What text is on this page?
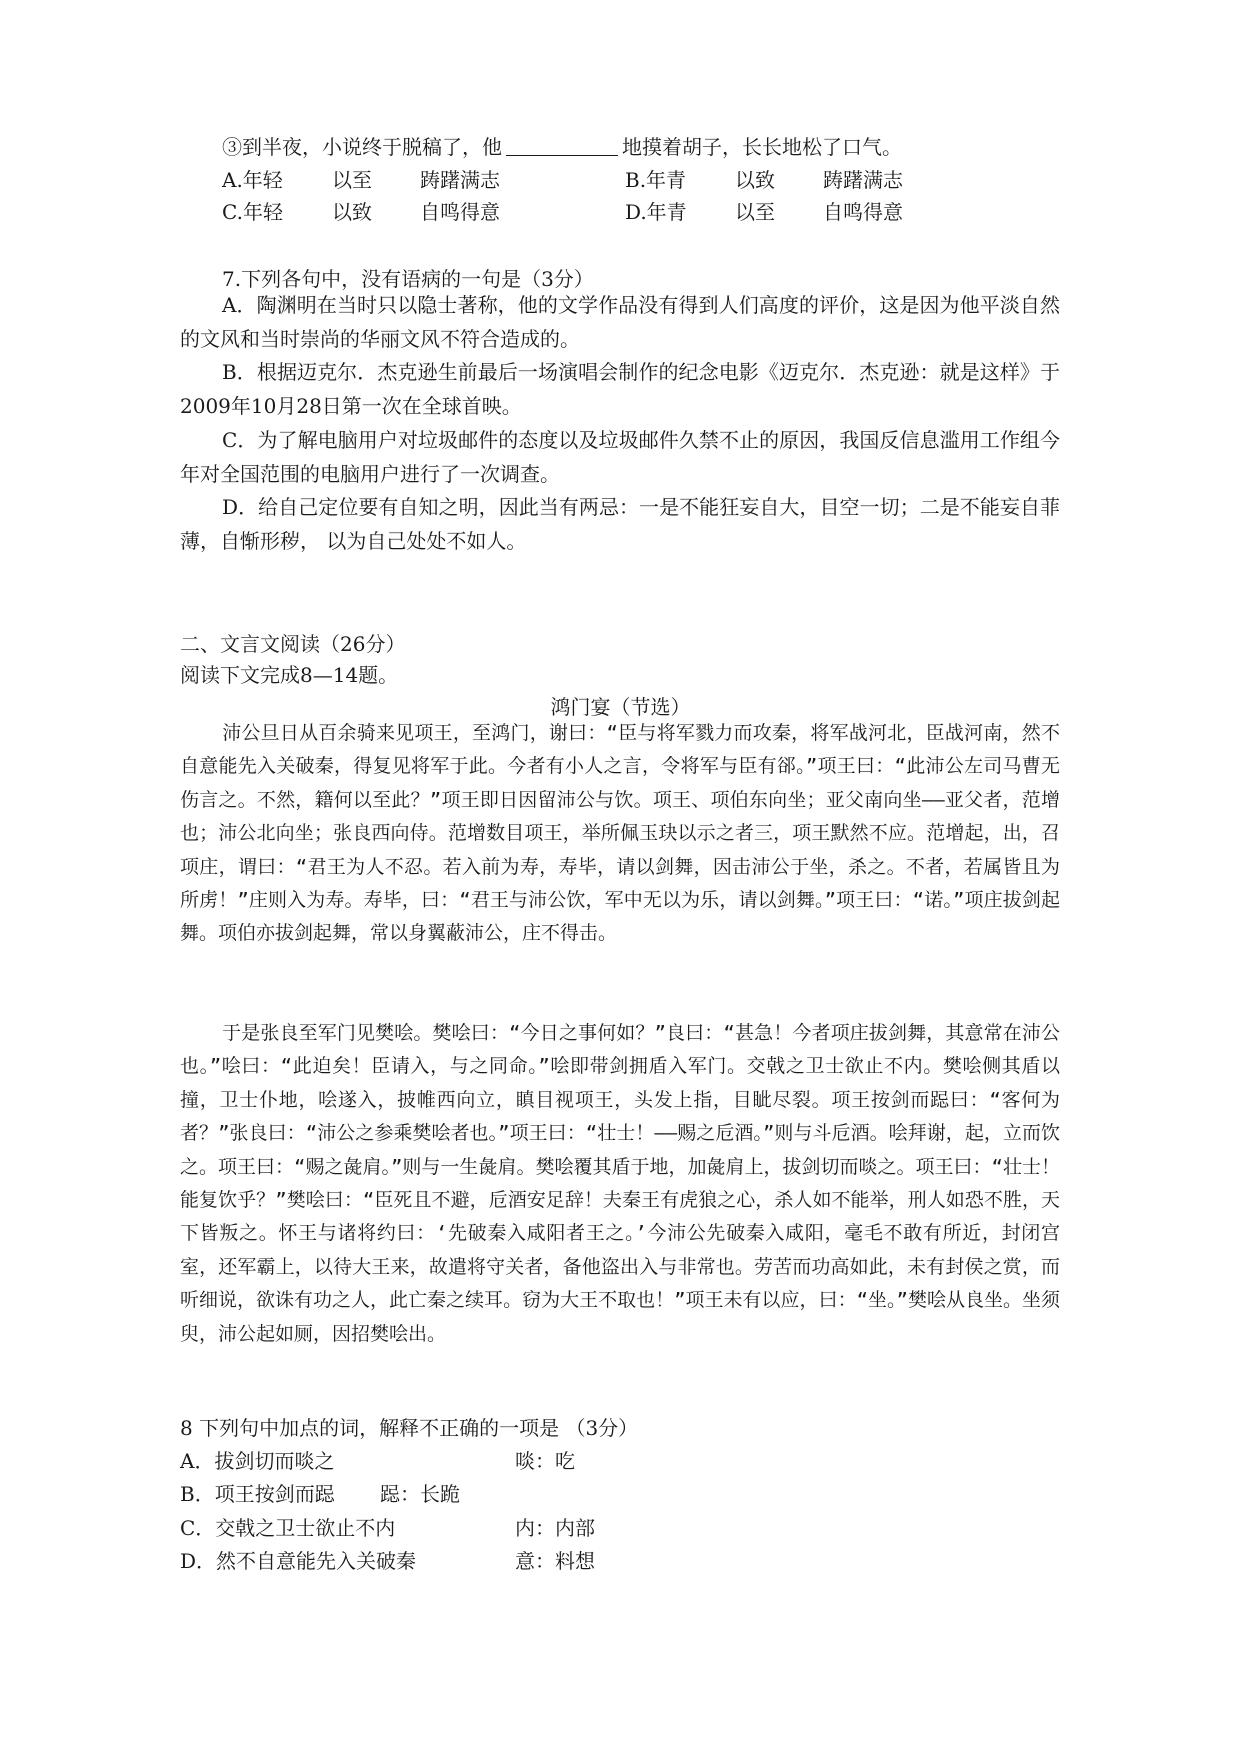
③到半夜，小说终于脱稿了，他	地摸着胡子，长长地松了口气。
A.年轻 以至 踌躇满志	B.年青 以致 踌躇满志
C.年轻 以致 自鸣得意	D.年青 以至 自鸣得意
7.下列各句中，没有语病的一句是（3分）
A．陶渊明在当时只以隐士著称，他的文学作品没有得到人们高度的评价，这是因为他平淡自然的文风和当时崇尚的华丽文风不符合造成的。
B．根据迈克尔．杰克逊生前最后一场演唱会制作的纪念电影《迈克尔．杰克逊：就是这样》于2009年10月28日第一次在全球首映。
C．为了解电脑用户对垃圾邮件的态度以及垃圾邮件久禁不止的原因，我国反信息滥用工作组今年对全国范围的电脑用户进行了一次调查。
D．给自己定位要有自知之明，因此当有两忌：一是不能狂妄自大，目空一切；二是不能妄自菲薄，自惭形秽， 以为自己处处不如人。
二、文言文阅读（26分）
阅读下文完成8—14题。
鸿门宴（节选）
沛公旦日从百余骑来见项王，至鸿门，谢曰：“臣与将军戮力而攻秦，将军战河北，臣战河南，然不自意能先入关破秦，得复见将军于此。今者有小人之言，令将军与臣有郤。”项王曰：“此沛公左司马曹无伤言之。不然，籍何以至此？”项王即日因留沛公与饮。项王、项伯东向坐；亚父南向坐——亚父者，范增也；沛公北向坐；张良西向侍。范增数目项王，举所佩玉玦以示之者三，项王默然不应。范增起，出，召项庄，谓曰：“君王为人不忍。若入前为寿，寿毕，请以剑舞，因击沛公于坐，杀之。不者，若属皆且为所虏！”庄则入为寿。寿毕，曰：“君王与沛公饮，军中无以为乐，请以剑舞。”项王曰：“诺。”项庄拔剑起舞。项伯亦拔剑起舞，常以身翼蔽沛公，庄不得击。
于是张良至军门见樊哙。樊哙曰：“今日之事何如？”良曰：“甚急！今者项庄拔剑舞，其意常在沛公也。”哙曰：“此迫矣！臣请入，与之同命。”哙即带剑拥盾入军门。交戟之卫士欲止不内。樊哙侧其盾以撞，卫士仆地，哙遂入，披帷西向立，瞋目视项王，头发上指，目眦尽裂。项王按剑而跽曰：“客何为者？”张良曰：“沛公之参乘樊哙者也。”项王曰：“壮士！——赐之卮酒。”则与斗卮酒。哙拜谢，起，立而饮之。项王曰：“赐之彘肩。”则与一生彘肩。樊哙覆其盾于地，加彘肩上，拔剑切而啖之。项王曰：“壮士！能复饮乎？”樊哙曰：“臣死且不避，卮酒安足辞！夫秦王有虎狼之心，杀人如不能举，刑人如恐不胜，天下皆叛之。怀王与诸将约曰：‘先破秦入咸阳者王之。’今沛公先破秦入咸阳，毫毛不敢有所近，封闭宫室，还军霸上，以待大王来，故遣将守关者，备他盗出入与非常也。劳苦而功高如此，未有封侯之赏，而听细说，欲诛有功之人，此亡秦之续耳。窃为大王不取也！”项王未有以应，曰：“坐。”樊哙从良坐。坐须臾，沛公起如厕，因招樊哙出。
8 下列句中加点的词，解释不正确的一项是 （3分）
A．拔剑切而啖之	啖：吃
B．项王按剑而跽 跽：长跪
C．交戟之卫士欲止不内	内：内部
D．然不自意能先入关破秦	意：料想
